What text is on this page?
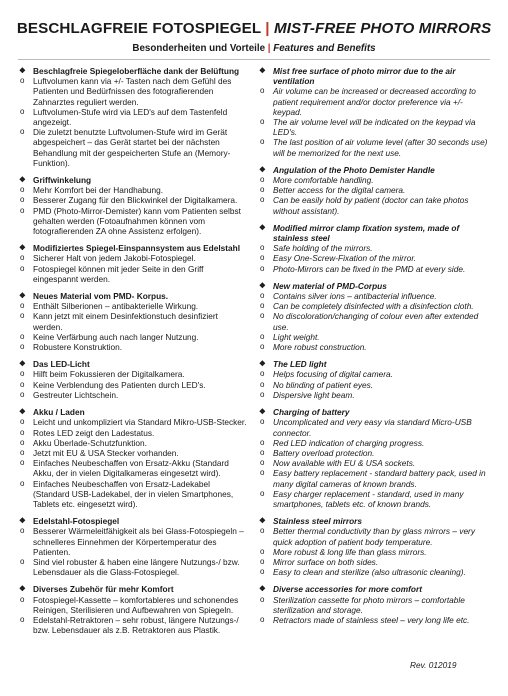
BESCHLAGFREIE FOTOSPIEGEL | MIST-FREE PHOTO MIRRORS
Besonderheiten und Vorteile | Features and Benefits
❖ Beschlagfreie Spiegeloberfläche dank der Belüftung
o Luftvolumen kann via +/- Tasten nach dem Gefühl des Patienten und Bedürfnissen des fotografierenden Zahnarztes reguliert werden.
o Luftvolumen-Stufe wird via LED's auf dem Tastenfeld angezeigt.
o Die zuletzt benutzte Luftvolumen-Stufe wird im Gerät abgespeichert – das Gerät startet bei der nächsten Behandlung mit der gespeicherten Stufe an (Memory-Funktion).
❖ Griffwinkelung
o Mehr Komfort bei der Handhabung.
o Besserer Zugang für den Blickwinkel der Digitalkamera.
o PMD (Photo-Mirror-Demister) kann vom Patienten selbst gehalten werden (Fotoaufnahmen können vom fotografierenden ZA ohne Assistenz erfolgen).
❖ Modifiziertes Spiegel-Einspannsystem aus Edelstahl
o Sicherer Halt von jedem Jakobi-Fotospiegel.
o Fotospiegel können mit jeder Seite in den Griff eingespannt werden.
❖ Neues Material vom PMD- Korpus.
o Enthält Silberionen – antibakterielle Wirkung.
o Kann jetzt mit einem Desinfektionstuch desinfiziert werden.
o Keine Verfärbung auch nach langer Nutzung.
o Robustere Konstruktion.
❖ Das LED-Licht
o Hilft beim Fokussieren der Digitalkamera.
o Keine Verblendung des Patienten durch LED's.
o Gestreuter Lichtschein.
❖ Akku / Laden
o Leicht und unkompliziert via Standard Mikro-USB-Stecker.
o Rotes LED zeigt den Ladestatus.
o Akku Überlade-Schutzfunktion.
o Jetzt mit EU & USA Stecker vorhanden.
o Einfaches Neubeschaffen von Ersatz-Akku (Standard Akku, der in vielen Digitalkameras eingesetzt wird).
o Einfaches Neubeschaffen von Ersatz-Ladekabel (Standard USB-Ladekabel, der in vielen Smartphones, Tablets etc. eingesetzt wird).
❖ Edelstahl-Fotospiegel
o Besserer Wärmeleitfähigkeit als bei Glass-Fotospiegeln – schnelleres Einnehmen der Körpertemperatur des Patienten.
o Sind viel robuster & haben eine längere Nutzungs-/ bzw. Lebensdauer als die Glass-Fotospiegel.
❖ Diverses Zubehör für mehr Komfort
o Fotospiegel-Kassette – komfortableres und schonendes Reinigen, Sterilisieren und Aufbewahren von Spiegeln.
o Edelstahl-Retraktoren – sehr robust, längere Nutzungs-/ bzw. Lebensdauer als z.B. Retraktoren aus Plastik.
❖ Mist free surface of photo mirror due to the air ventilation
o Air volume can be increased or decreased according to patient requirement and/or doctor preference via +/- keypad.
o The air volume level will be indicated on the keypad via LED's.
o The last position of air volume level (after 30 seconds use) will be memorized for the next use.
❖ Angulation of the Photo Demister Handle
o More comfortable handling.
o Better access for the digital camera.
o Can be easily hold by patient (doctor can take photos without assistant).
❖ Modified mirror clamp fixation system, made of stainless steel
o Safe holding of the mirrors.
o Easy One-Screw-Fixation of the mirror.
o Photo-Mirrors can be fixed in the PMD at every side.
❖ New material of PMD-Corpus
o Contains silver ions – antibacterial influence.
o Can be completely disinfected with a disinfection cloth.
o No discoloration/changing of colour even after extended use.
o Light weight.
o More robust construction.
❖ The LED light
o Helps focusing of digital camera.
o No blinding of patient eyes.
o Dispersive light beam.
❖ Charging of battery
o Uncomplicated and very easy via standard Micro-USB connector.
o Red LED indication of charging progress.
o Battery overload protection.
o Now available with EU & USA sockets.
o Easy battery replacement - standard battery pack, used in many digital cameras of known brands.
o Easy charger replacement - standard, used in many smartphones, tablets etc. of known brands.
❖ Stainless steel mirrors
o Better thermal conductivity than by glass mirrors – very quick adoption of patient body temperature.
o More robust & long life than glass mirrors.
o Mirror surface on both sides.
o Easy to clean and sterilize (also ultrasonic cleaning).
❖ Diverse accessories for more comfort
o Sterilization cassette for photo mirrors – comfortable sterilization and storage.
o Retractors made of stainless steel – very long life etc.
Rev. 012019
